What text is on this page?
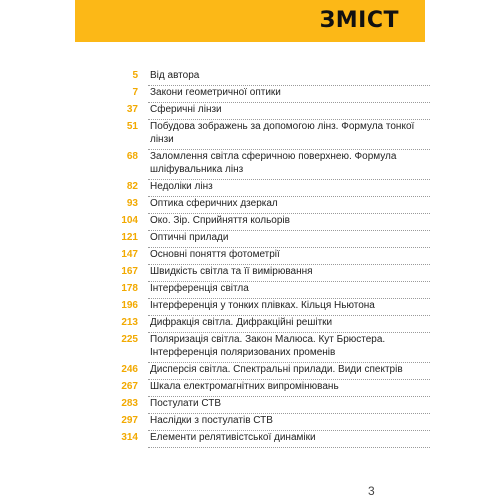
ЗМІСТ
5 Від автора
7 Закони геометричної оптики
37 Сферичні лінзи
51 Побудова зображень за допомогою лінз. Формула тонкої лінзи
68 Заломлення світла сферичною поверхнею. Формула шліфувальника лінз
82 Недоліки лінз
93 Оптика сферичних дзеркал
104 Око. Зір. Сприйняття кольорів
121 Оптичні прилади
147 Основні поняття фотометрії
167 Швидкість світла та її вимірювання
178 Інтерференція світла
196 Інтерференція у тонких плівках. Кільця Ньютона
213 Дифракція світла. Дифракційні решітки
225 Поляризація світла. Закон Малюса. Кут Брюстера. Інтерференція поляризованих променів
246 Дисперсія світла. Спектральні прилади. Види спектрів
267 Шкала електромагнітних випромінювань
283 Постулати СТВ
297 Наслідки з постулатів СТВ
314 Елементи релятивістської динаміки
3
